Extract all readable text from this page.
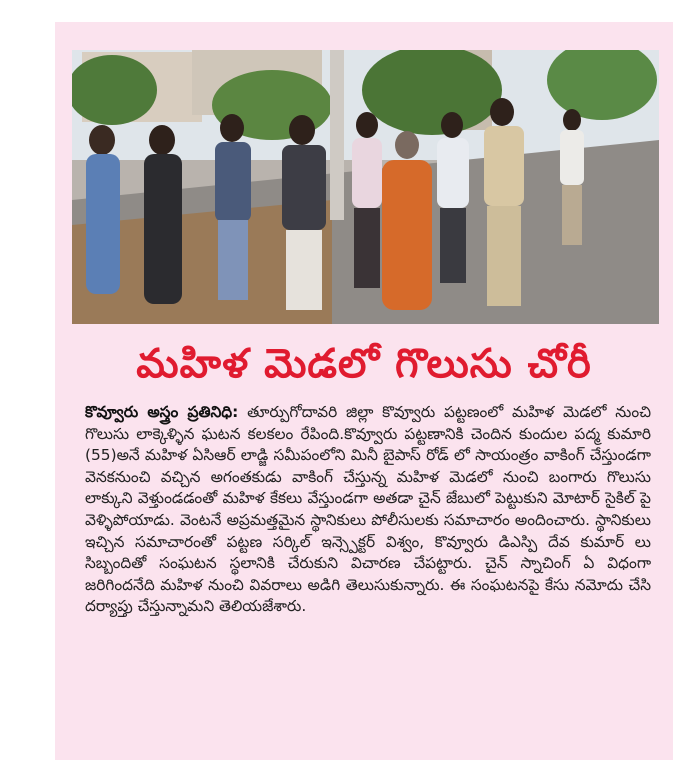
మహిళ మెడలో గొలుసు చోరీ
కొవ్వూరు అస్త్రం ప్రతినిధి: తూర్పుగోదావరి జిల్లా కొవ్వూరు పట్టణంలో మహిళ మెడలో నుంచి గొలుసు లాక్కెళ్ళిన ఘటన కలకలం రేపింది.కొవ్వూరు పట్టణానికి చెందిన కుందుల పద్మ కుమారి (55)అనే మహిళ ఏసిఆర్ లాడ్జి సమీపంలోని మినీ బైపాస్ రోడ్ లో సాయంత్రం వాకింగ్ చేస్తుండగా వెనకనుంచి వచ్చిన అగంతకుడు వాకింగ్ చేస్తున్న మహిళ మెడలో నుంచి బంగారు గొలుసు లాక్కుని వెళ్తుండడంతో మహిళ కేకలు వేస్తుండగా అతడా చైన్ జేబులో పెట్టుకుని మోటార్ సైకిల్ పై వెళ్ళిపోయాడు. వెంటనే అప్రమత్తమైన స్థానికులు పోలీసులకు సమాచారం అందించారు. స్థానికులు ఇచ్చిన సమాచారంతో పట్టణ సర్కిల్ ఇన్స్పెక్టర్ విశ్వం, కొవ్వూరు డిఎస్పి దేవ కుమార్ లు సిబ్బందితో సంఘటన స్థలానికి చేరుకుని విచారణ చేపట్టారు. చైన్ స్నాచింగ్ ఏ విధంగా జరిగిందనేది మహిళ నుంచి వివరాలు అడిగి తెలుసుకున్నారు. ఈ సంఘటనపై కేసు నమోదు చేసి దర్యాప్తు చేస్తున్నామని తెలియజేశారు.
